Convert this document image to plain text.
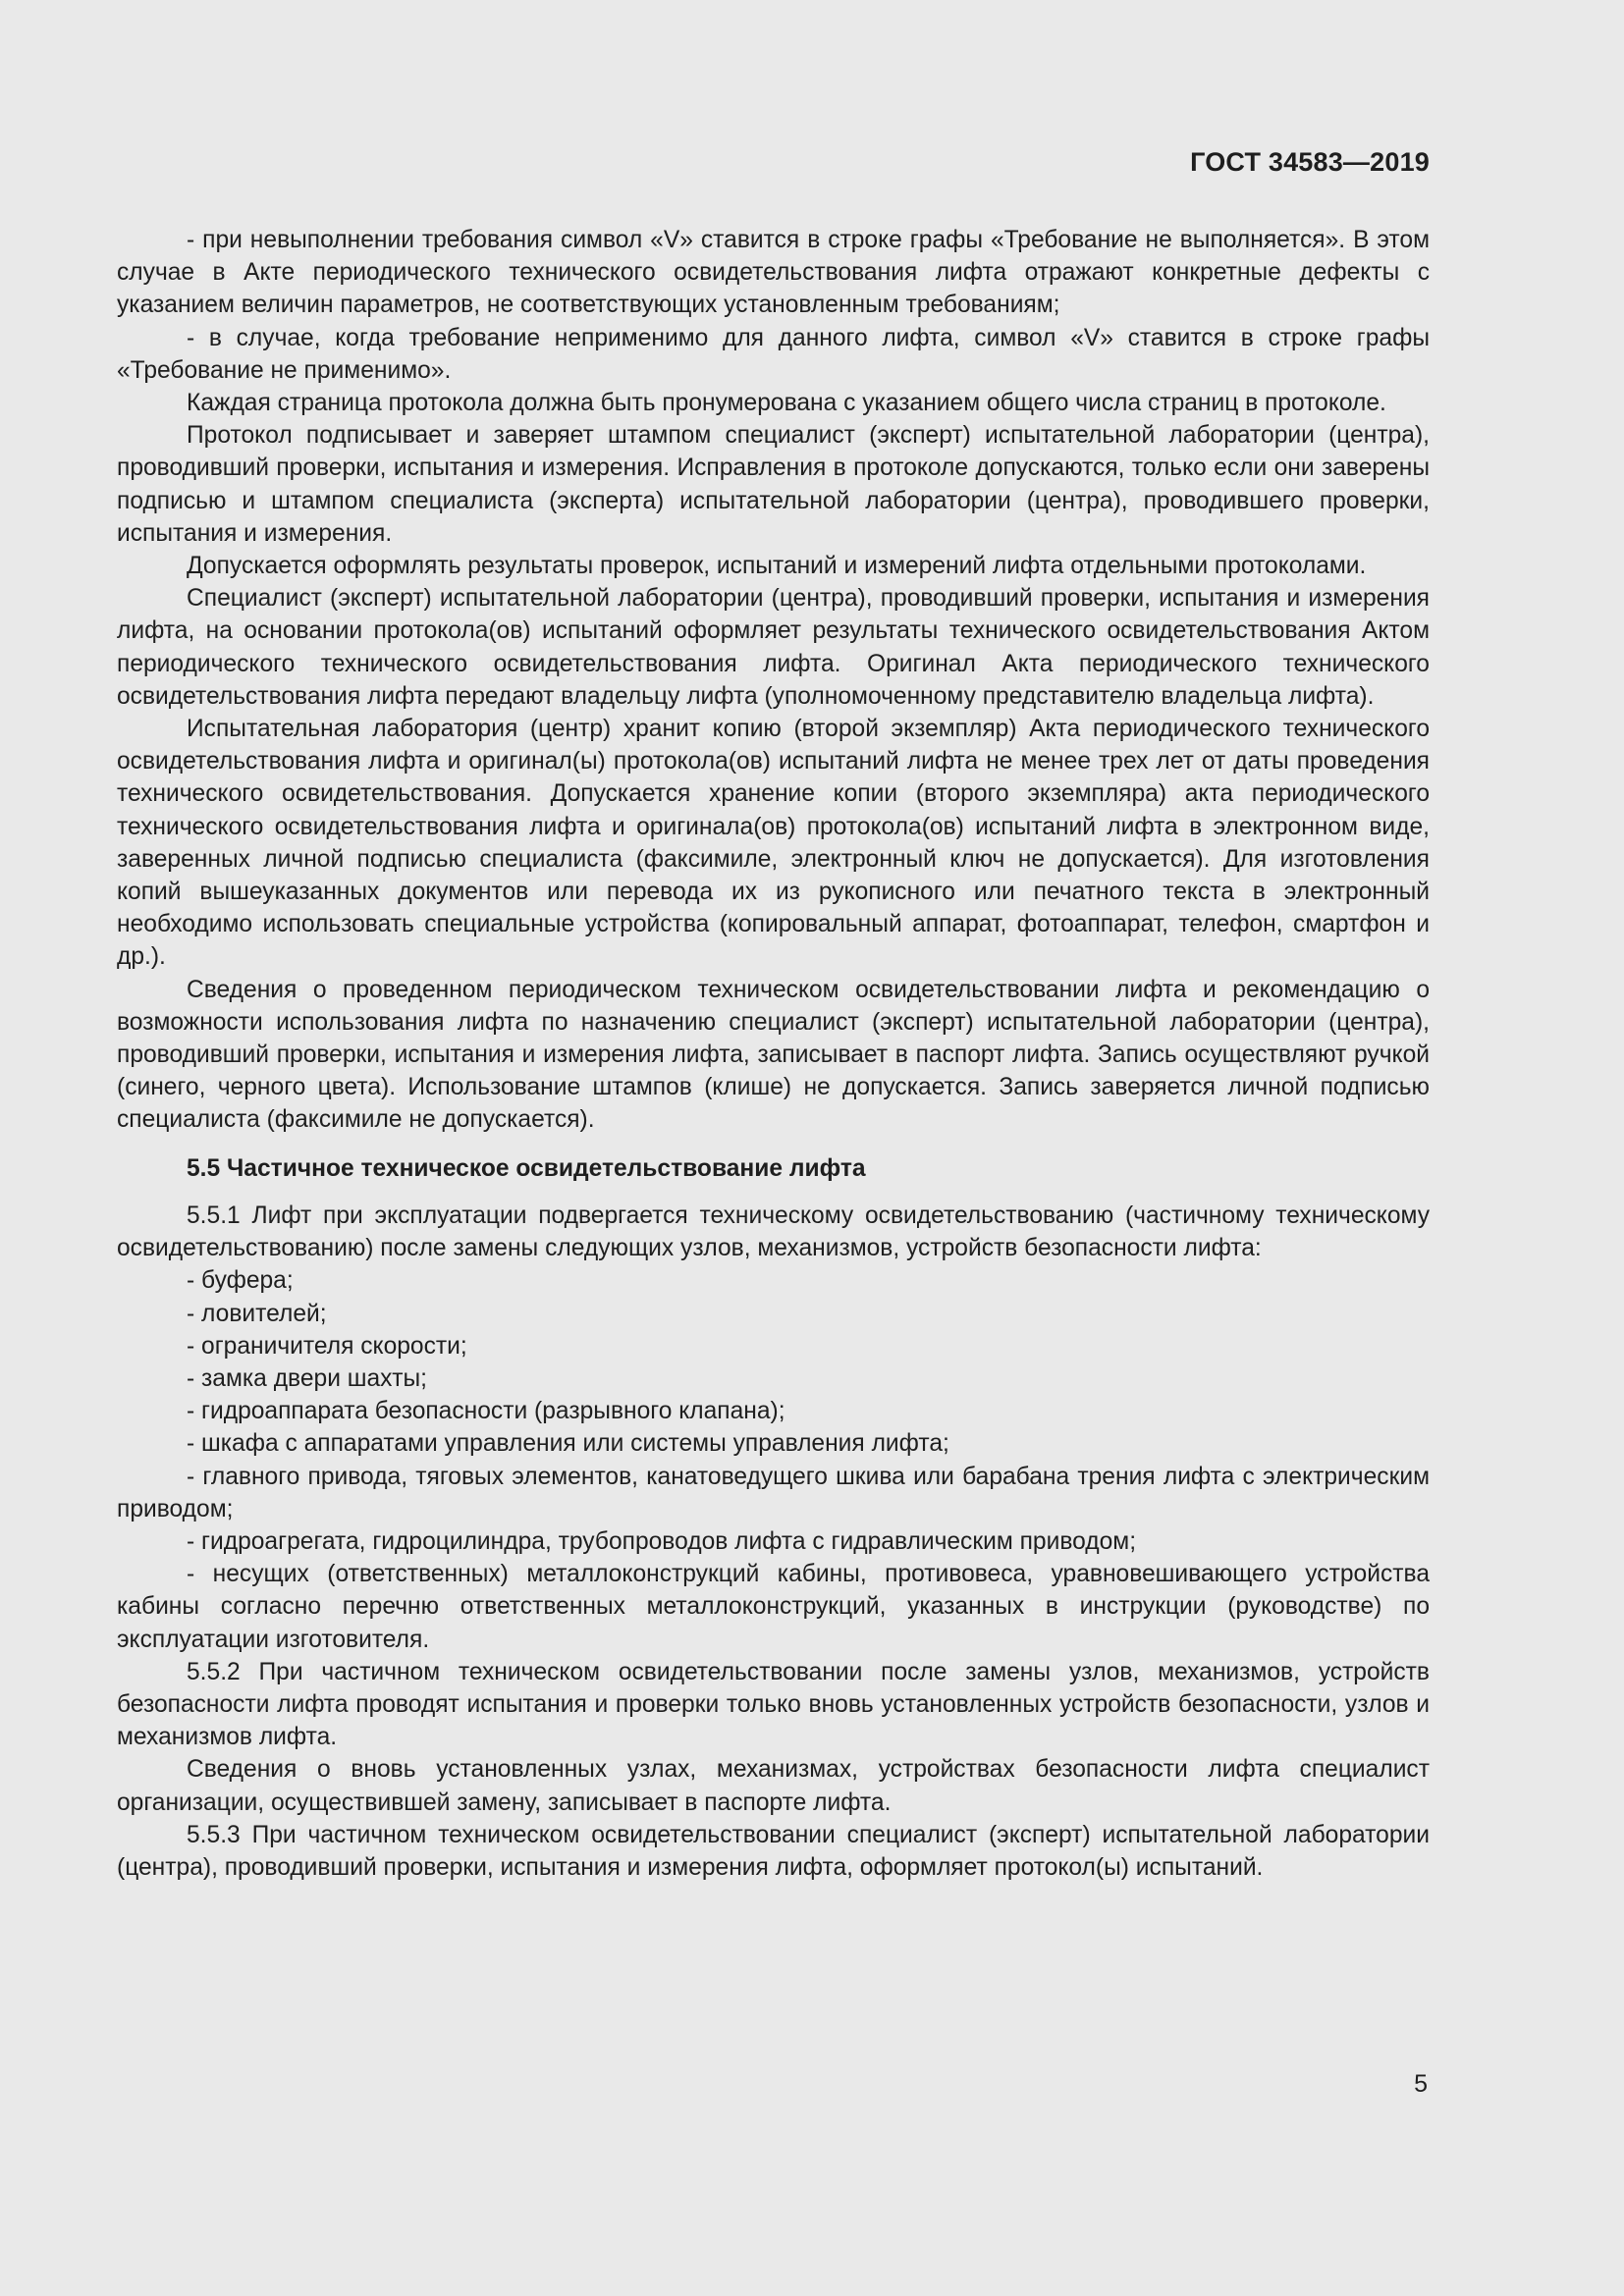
ГОСТ 34583—2019

- при невыполнении требования символ «V» ставится в строке графы «Требование не выполняется». В этом случае в Акте периодического технического освидетельствования лифта отражают конкретные дефекты с указанием величин параметров, не соответствующих установленным требованиям;

- в случае, когда требование неприменимо для данного лифта, символ «V» ставится в строке графы «Требование не применимо».

Каждая страница протокола должна быть пронумерована с указанием общего числа страниц в протоколе.

Протокол подписывает и заверяет штампом специалист (эксперт) испытательной лаборатории (центра), проводивший проверки, испытания и измерения. Исправления в протоколе допускаются, только если они заверены подписью и штампом специалиста (эксперта) испытательной лаборатории (центра), проводившего проверки, испытания и измерения.

Допускается оформлять результаты проверок, испытаний и измерений лифта отдельными протоколами.

Специалист (эксперт) испытательной лаборатории (центра), проводивший проверки, испытания и измерения лифта, на основании протокола(ов) испытаний оформляет результаты технического освидетельствования Актом периодического технического освидетельствования лифта. Оригинал Акта периодического технического освидетельствования лифта передают владельцу лифта (уполномоченному представителю владельца лифта).

Испытательная лаборатория (центр) хранит копию (второй экземпляр) Акта периодического технического освидетельствования лифта и оригинал(ы) протокола(ов) испытаний лифта не менее трех лет от даты проведения технического освидетельствования. Допускается хранение копии (второго экземпляра) акта периодического технического освидетельствования лифта и оригинала(ов) протокола(ов) испытаний лифта в электронном виде, заверенных личной подписью специалиста (факсимиле, электронный ключ не допускается). Для изготовления копий вышеуказанных документов или перевода их из рукописного или печатного текста в электронный необходимо использовать специальные устройства (копировальный аппарат, фотоаппарат, телефон, смартфон и др.).

Сведения о проведенном периодическом техническом освидетельствовании лифта и рекомендацию о возможности использования лифта по назначению специалист (эксперт) испытательной лаборатории (центра), проводивший проверки, испытания и измерения лифта, записывает в паспорт лифта. Запись осуществляют ручкой (синего, черного цвета). Использование штампов (клише) не допускается. Запись заверяется личной подписью специалиста (факсимиле не допускается).

5.5 Частичное техническое освидетельствование лифта

5.5.1 Лифт при эксплуатации подвергается техническому освидетельствованию (частичному техническому освидетельствованию) после замены следующих узлов, механизмов, устройств безопасности лифта:

- буфера;

- ловителей;

- ограничителя скорости;

- замка двери шахты;

- гидроаппарата безопасности (разрывного клапана);

- шкафа с аппаратами управления или системы управления лифта;

- главного привода, тяговых элементов, канатоведущего шкива или барабана трения лифта с электрическим приводом;

- гидроагрегата, гидроцилиндра, трубопроводов лифта с гидравлическим приводом;

- несущих (ответственных) металлоконструкций кабины, противовеса, уравновешивающего устройства кабины согласно перечню ответственных металлоконструкций, указанных в инструкции (руководстве) по эксплуатации изготовителя.

5.5.2 При частичном техническом освидетельствовании после замены узлов, механизмов, устройств безопасности лифта проводят испытания и проверки только вновь установленных устройств безопасности, узлов и механизмов лифта.

Сведения о вновь установленных узлах, механизмах, устройствах безопасности лифта специалист организации, осуществившей замену, записывает в паспорте лифта.

5.5.3 При частичном техническом освидетельствовании специалист (эксперт) испытательной лаборатории (центра), проводивший проверки, испытания и измерения лифта, оформляет протокол(ы) испытаний.

5
